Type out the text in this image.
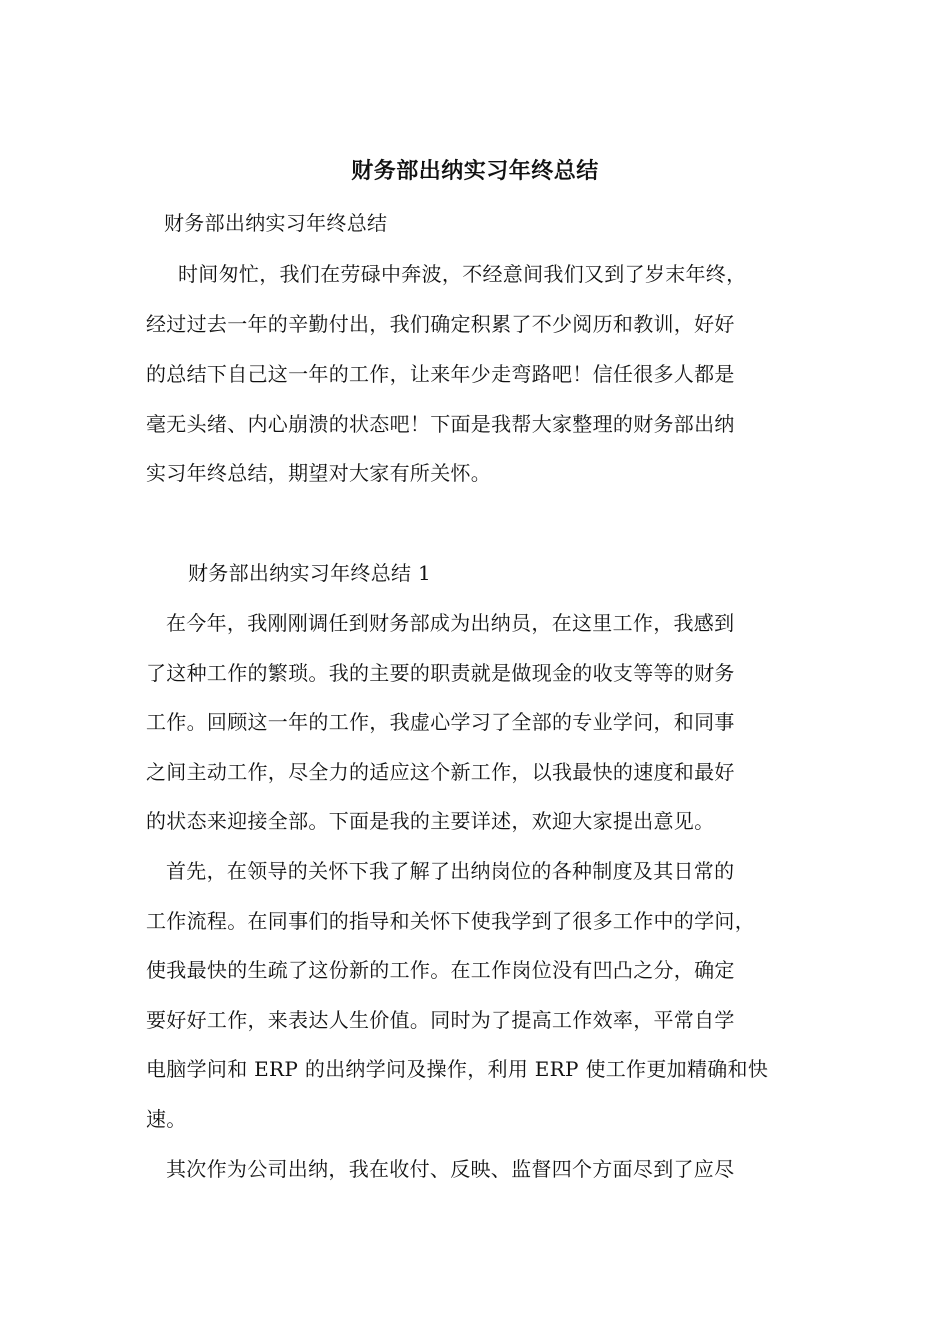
财务部出纳实习年终总结
财务部出纳实习年终总结
时间匆忙，我们在劳碌中奔波，不经意间我们又到了岁末年终，
经过过去一年的辛勤付出，我们确定积累了不少阅历和教训，好好
的总结下自己这一年的工作，让来年少走弯路吧！信任很多人都是
毫无头绪、内心崩溃的状态吧！下面是我帮大家整理的财务部出纳
实习年终总结，期望对大家有所关怀。
财务部出纳实习年终总结 1
在今年，我刚刚调任到财务部成为出纳员，在这里工作，我感到
了这种工作的繁琐。我的主要的职责就是做现金的收支等等的财务
工作。回顾这一年的工作，我虚心学习了全部的专业学问，和同事
之间主动工作，尽全力的适应这个新工作，以我最快的速度和最好
的状态来迎接全部。下面是我的主要详述，欢迎大家提出意见。
首先，在领导的关怀下我了解了出纳岗位的各种制度及其日常的
工作流程。在同事们的指导和关怀下使我学到了很多工作中的学问，
使我最快的生疏了这份新的工作。在工作岗位没有凹凸之分，确定
要好好工作，来表达人生价值。同时为了提高工作效率，平常自学
电脑学问和 ERP 的出纳学问及操作，利用 ERP 使工作更加精确和快
速。
其次作为公司出纳，我在收付、反映、监督四个方面尽到了应尽
